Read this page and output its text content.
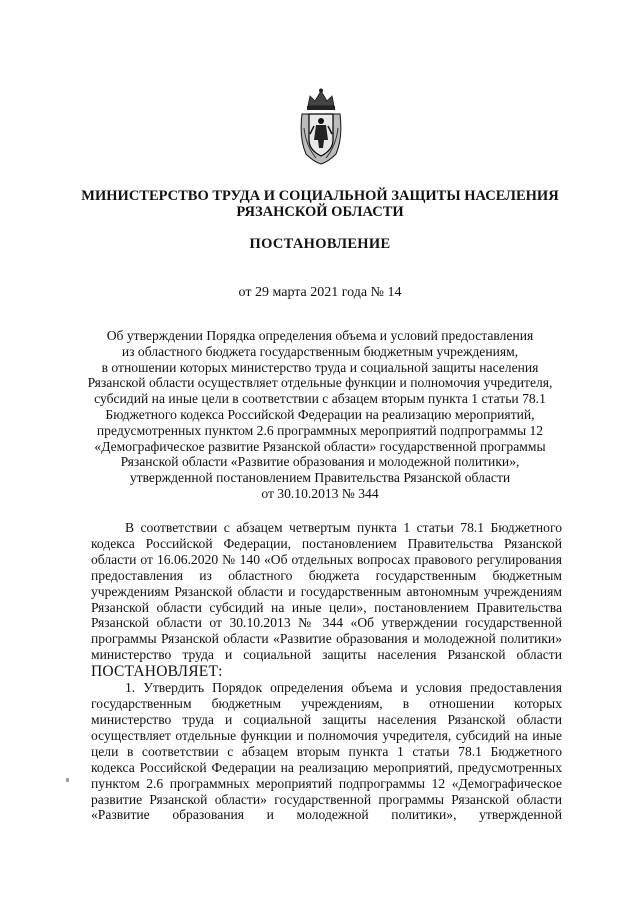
МИНИСТЕРСТВО ТРУДА И СОЦИАЛЬНОЙ ЗАЩИТЫ НАСЕЛЕНИЯ
РЯЗАНСКОЙ ОБЛАСТИ
ПОСТАНОВЛЕНИЕ
от 29 марта 2021 года № 14
Об утверждении Порядка определения объема и условий предоставления
из областного бюджета государственным бюджетным учреждениям,
в отношении которых министерство труда и социальной защиты населения
Рязанской области осуществляет отдельные функции и полномочия учредителя,
субсидий на иные цели в соответствии с абзацем вторым пункта 1 статьи 78.1
Бюджетного кодекса Российской Федерации на реализацию мероприятий,
предусмотренных пунктом 2.6 программных мероприятий подпрограммы 12
«Демографическое развитие Рязанской области» государственной программы
Рязанской области «Развитие образования и молодежной политики»,
утвержденной постановлением Правительства Рязанской области
от 30.10.2013 № 344
В соответствии с абзацем четвертым пункта 1 статьи 78.1 Бюджетного
кодекса Российской Федерации, постановлением Правительства Рязанской
области от 16.06.2020 № 140 «Об отдельных вопросах правового регулирования
предоставления из областного бюджета государственным бюджетным
учреждениям Рязанской области и государственным автономным учреждениям
Рязанской области субсидий на иные цели», постановлением Правительства
Рязанской области от 30.10.2013 № 344 «Об утверждении государственной
программы Рязанской области «Развитие образования и молодежной политики»
министерство труда и социальной защиты населения Рязанской области
ПОСТАНОВЛЯЕТ:
1. Утвердить Порядок определения объема и условия предоставления
государственным бюджетным учреждениям, в отношении которых
министерство труда и социальной защиты населения Рязанской области
осуществляет отдельные функции и полномочия учредителя, субсидий на иные
цели в соответствии с абзацем вторым пункта 1 статьи 78.1 Бюджетного
кодекса Российской Федерации на реализацию мероприятий, предусмотренных
пунктом 2.6 программных мероприятий подпрограммы 12 «Демографическое
развитие Рязанской области» государственной программы Рязанской области
«Развитие образования и молодежной политики», утвержденной
